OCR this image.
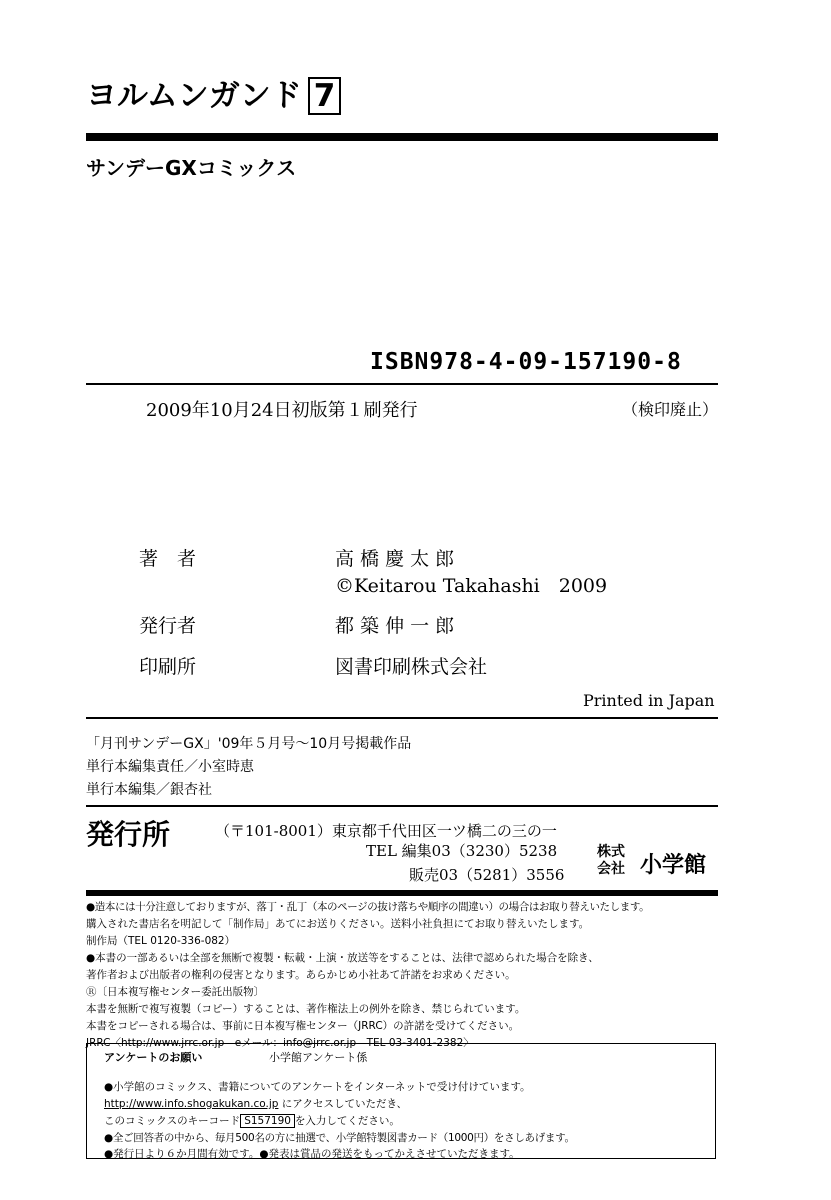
ヨルムンガンド 7
サンデーGXコミックス
ISBN978-4-09-157190-8
2009年10月24日初版第１刷発行	（検印廃止）
著　者	高 橋 慶 太 郎
©Keitarou Takahashi　2009
発行者	都 築 伸 一 郎
印刷所	図書印刷株式会社
Printed in Japan
「月刊サンデーGX」'09年５月号〜10月号掲載作品
単行本編集責任／小室時恵
単行本編集／銀杏社
発行所	（〒101-8001）東京都千代田区一ツ橋二の三の一
TEL 編集03（3230）5238
販売03（5281）3556
株式
会社 小学館
●造本には十分注意しておりますが、落丁・乱丁（本のページの抜け落ちや順序の間違い）の場合はお取り替えいたします。
購入された書店名を明記して「制作局」あてにお送りください。送料小社負担にてお取り替えいたします。
制作局（TEL 0120-336-082）
●本書の一部あるいは全部を無断で複製・転載・上演・放送等をすることは、法律で認められた場合を除き、
著作者および出版者の権利の侵害となります。あらかじめ小社あて許諾をお求めください。
Ⓡ〔日本複写権センター委託出版物〕
本書を無断で複写複製（コピー）することは、著作権法上の例外を除き、禁じられています。
本書をコピーされる場合は、事前に日本複写権センター（JRRC）の許諾を受けてください。
JRRC〈http://www.jrrc.or.jp　eメール：info@jrrc.or.jp　TEL 03-3401-2382〉
アンケートのお願い	小学館アンケート係
●小学館のコミックス、書籍についてのアンケートをインターネットで受け付けています。
http://www.info.shogakukan.co.jp にアクセスしていただき、
このコミックスのキーコード S157190 を入力してください。
●全ご回答者の中から、毎月500名の方に抽選で、小学館特製図書カード（1000円）をさしあげます。
●発行日より６か月間有効です。●発表は賞品の発送をもってかえさせていただきます。
